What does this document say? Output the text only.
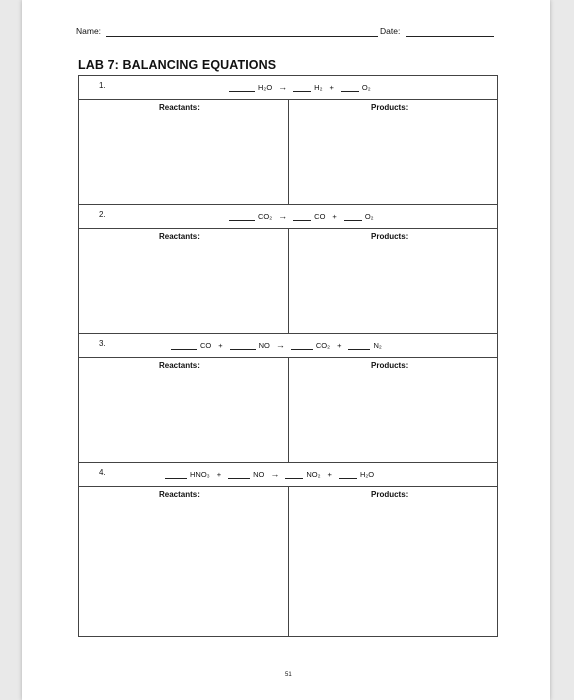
Name:	Date:
LAB 7: BALANCING EQUATIONS
1.	H₂O →	H₂ +	O₂
Reactants:	Products:
2.	CO₂ →	CO +	O₂
Reactants:	Products:
3.	CO +	NO →	CO₂ +	N₂
Reactants:	Products:
4.	HNO₃ +	NO →	NO₂ +	H₂O
Reactants:	Products:
51
